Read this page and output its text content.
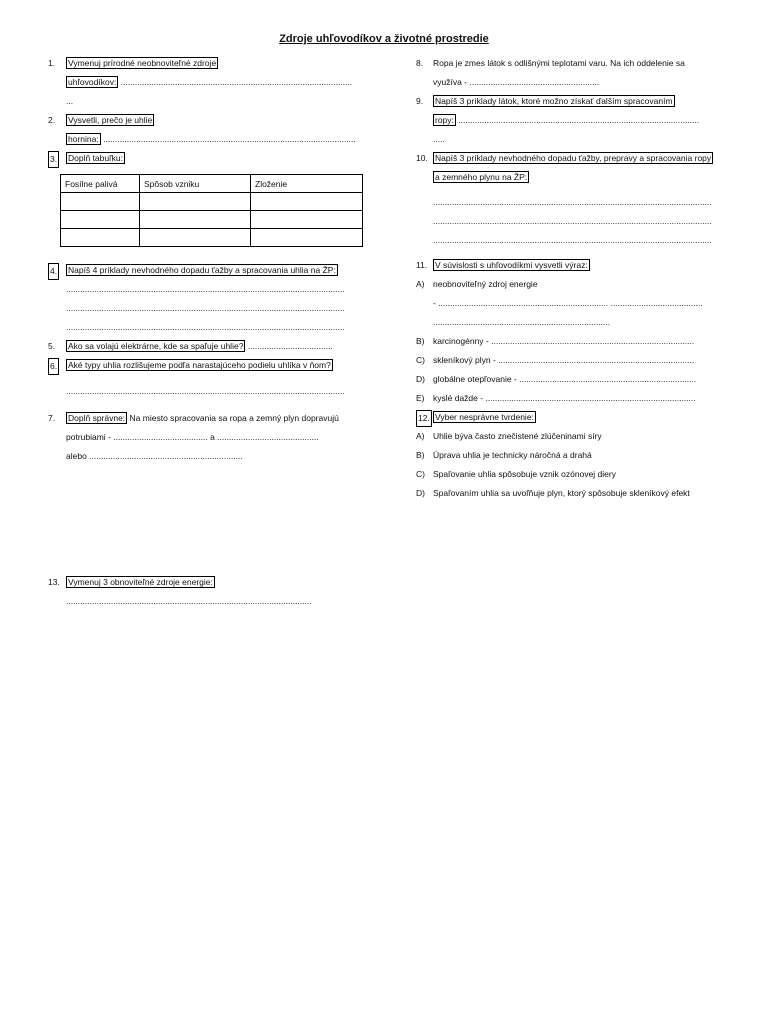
Zdroje uhľovodíkov a životné prostredie
1. Vymenuj prírodné neobnoviteľné zdroje
uhľovodíkov: ..................................................................................................
...
2. Vysvetli, prečo je uhlie
hornina: ...........................................................................................................
3. Doplň tabuľku:
Fosílne palivá	Spôsob vzniku	Zloženie

4. Napíš 4 príklady nevhodného dopadu ťažby a spracovania uhlia na ŽP:
......................................................................................................................
......................................................................................................................
......................................................................................................................
5. Ako sa volajú elektrárne, kde sa spaľuje uhlie? ....................................
6. Aké typy uhlia rozlišujeme podľa narastajúceho podielu uhlíka v ňom?
......................................................................................................................
7. Doplň správne: Na miesto spracovania sa ropa a zemný plyn dopravujú
potrubiami - ........................................ a ...........................................
alebo .................................................................
13. Vymenuj 3 obnoviteľné zdroje energie:
........................................................................................................
8. Ropa je zmes látok s odlišnými teplotami varu. Na ich oddelenie sa
využíva - .......................................................
9. Napíš 3 príklady látok, ktoré možno získať ďalším spracovaním
ropy: ......................................................................................................
.....
10. Napíš 3 príklady nevhodného dopadu ťažby, prepravy a spracovania ropy
a zemného plynu na ŽP:
......................................................................................................................
......................................................................................................................
......................................................................................................................
11. V súvislosti s uhľovodíkmi vysvetli výraz:
A) neobnoviteľný zdroj energie
- ........................................................................ .......................................
...........................................................................
B) karcinogénny - ......................................................................................
C) skleníkový plyn - ...................................................................................
D) globálne otepľovanie - ...........................................................................
E) kyslé dažde - .........................................................................................
12. Vyber nesprávne tvrdenie:
A) Uhlie býva často znečistené zlúčeninami síry
B) Úprava uhlia je technicky náročná a drahá
C) Spaľovanie uhlia spôsobuje vznik ozónovej diery
D) Spaľovaním uhlia sa uvoľňuje plyn, ktorý spôsobuje skleníkový efekt
